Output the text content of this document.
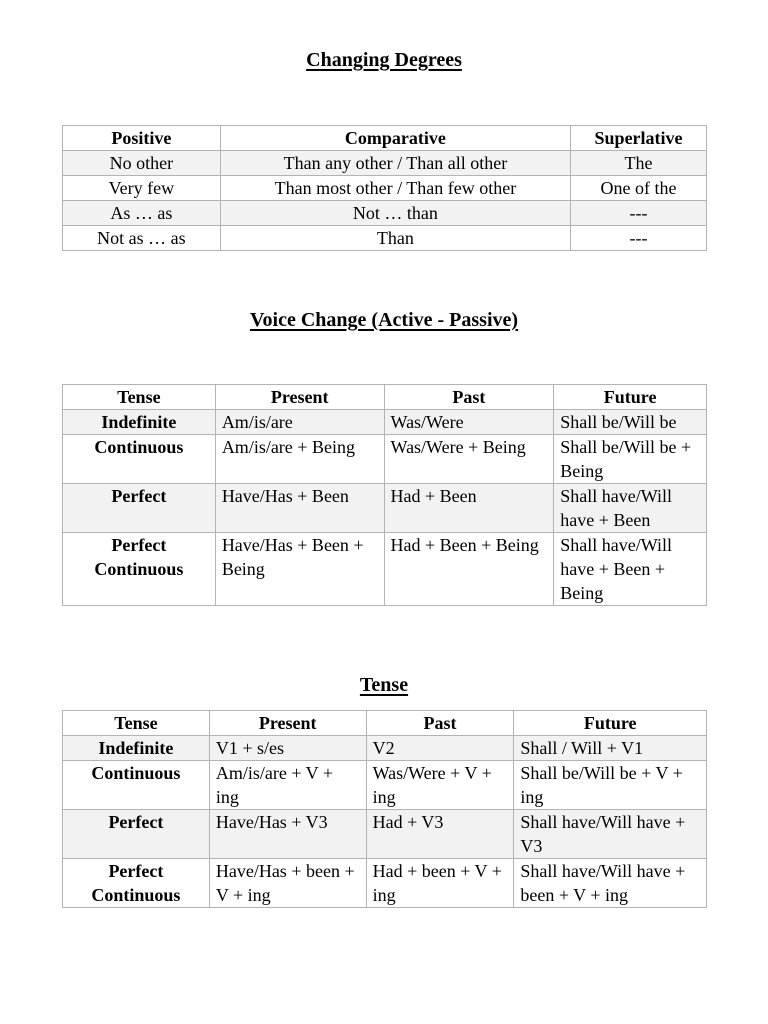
Changing Degrees
Positive	Comparative	Superlative
No other	Than any other / Than all other	The
Very few	Than most other / Than few other	One of the
As … as	Not … than	---
Not as … as	Than	---
Voice Change (Active - Passive)
Tense	Present	Past	Future
Indefinite	Am/is/are	Was/Were	Shall be/Will be
Continuous	Am/is/are + Being	Was/Were + Being	Shall be/Will be + Being
Perfect	Have/Has + Been	Had + Been	Shall have/Will have + Been
Perfect Continuous	Have/Has + Been + Being	Had + Been + Being	Shall have/Will have + Been + Being
Tense
Tense	Present	Past	Future
Indefinite	V1 + s/es	V2	Shall / Will + V1
Continuous	Am/is/are + V + ing	Was/Were + V + ing	Shall be/Will be + V + ing
Perfect	Have/Has + V3	Had + V3	Shall have/Will have + V3
Perfect Continuous	Have/Has + been + V + ing	Had + been + V + ing	Shall have/Will have + been + V + ing
